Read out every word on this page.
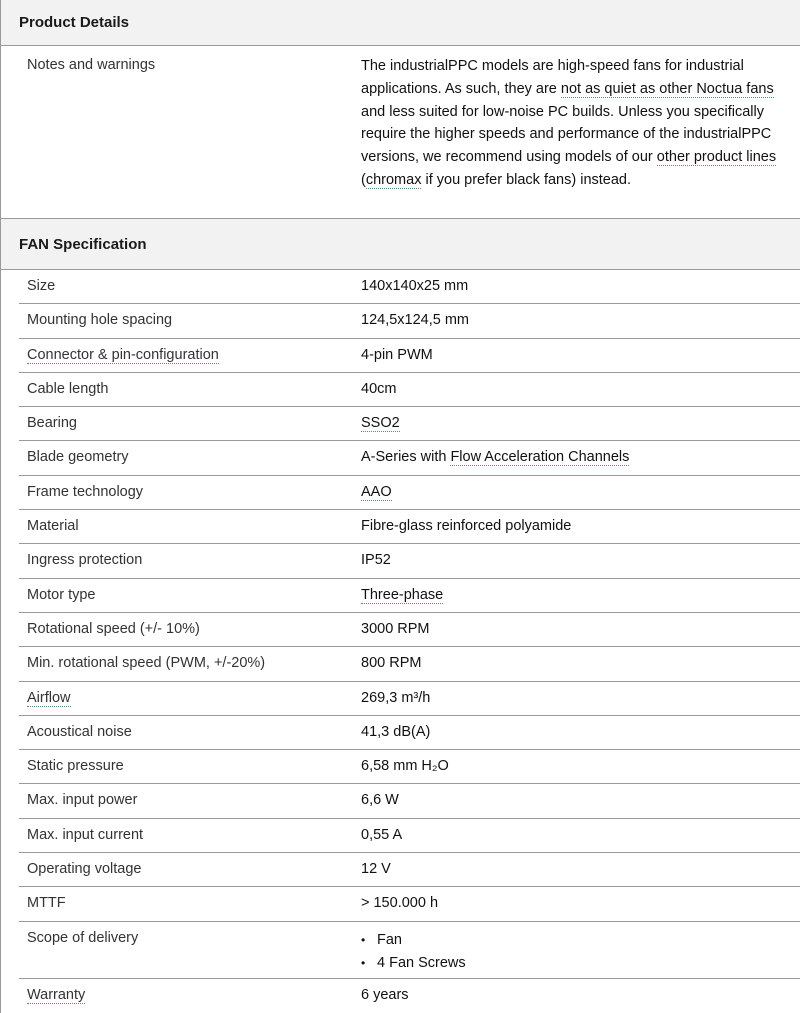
Product Details
Notes and warnings	The industrialPPC models are high-speed fans for industrial applications. As such, they are not as quiet as other Noctua fans and less suited for low-noise PC builds. Unless you specifically require the higher speeds and performance of the industrialPPC versions, we recommend using models of our other product lines (chromax if you prefer black fans) instead.
FAN Specification
Size	140x140x25 mm
Mounting hole spacing	124,5x124,5 mm
Connector & pin-configuration	4-pin PWM
Cable length	40cm
Bearing	SSO2
Blade geometry	A-Series with Flow Acceleration Channels
Frame technology	AAO
Material	Fibre-glass reinforced polyamide
Ingress protection	IP52
Motor type	Three-phase
Rotational speed (+/- 10%)	3000 RPM
Min. rotational speed (PWM, +/-20%)	800 RPM
Airflow	269,3 m³/h
Acoustical noise	41,3 dB(A)
Static pressure	6,58 mm H₂O
Max. input power	6,6 W
Max. input current	0,55 A
Operating voltage	12 V
MTTF	> 150.000 h
Scope of delivery
•	Fan
• 4 Fan Screws
Warranty	6 years
